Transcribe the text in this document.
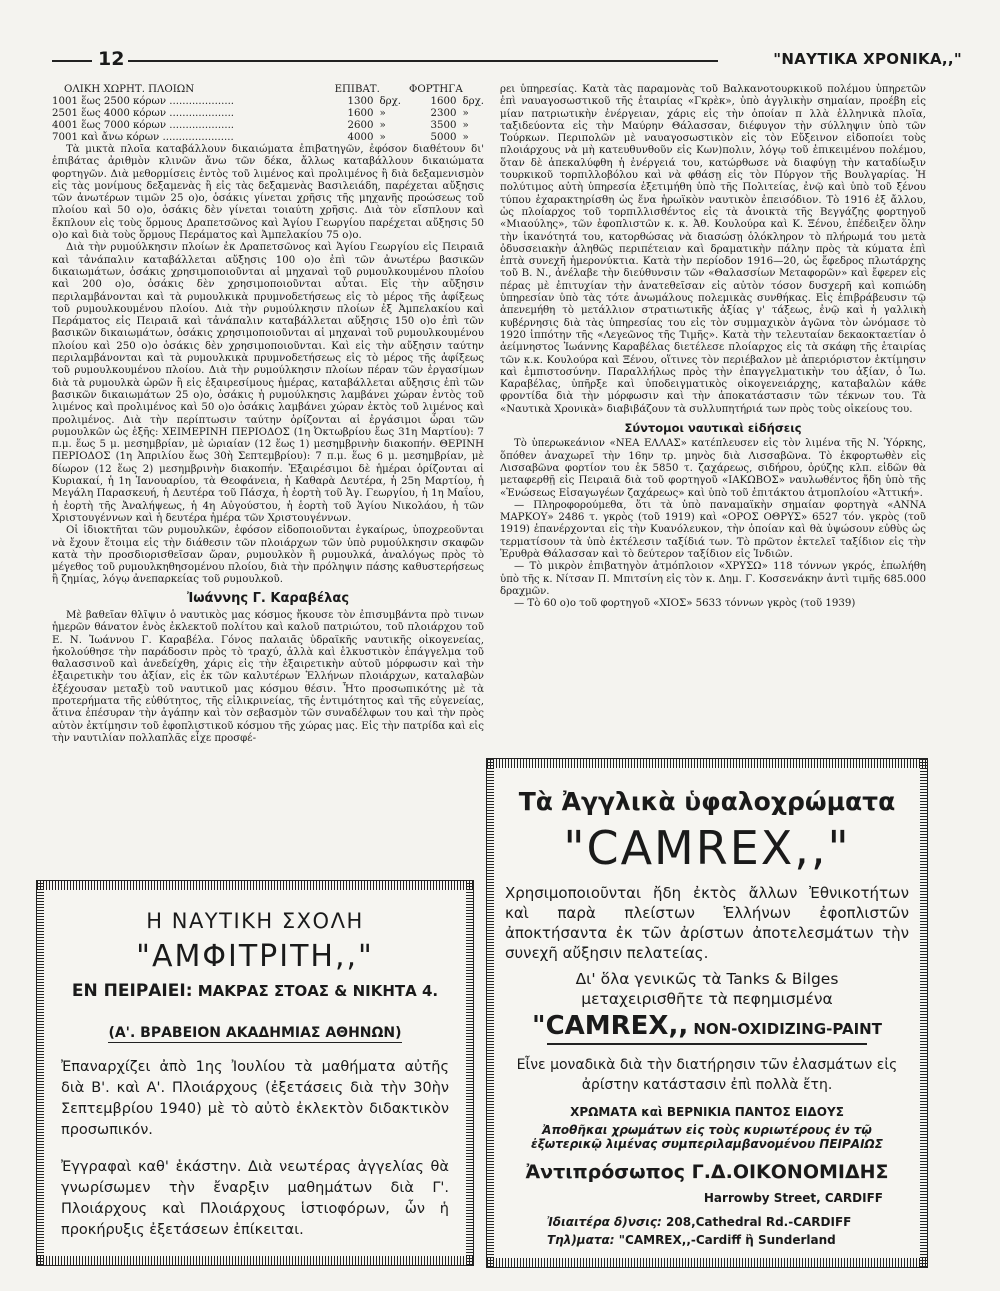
12	"ΝΑΥΤΙΚΑ ΧΡΟΝΙΚΑ,,"
ΟΛΙΚΗ ΧΩΡΗΤ. ΠΛΟΙΩΝ	ΕΠΙΒΑΤ.		ΦΟΡΤΗΓΑ	
1001 ἕως 2500 κόρων ....................	1300	δρχ.	1600	δρχ.
2501 ἕως 4000 κόρων ....................	1600	»	2300	»
4001 ἕως 7000 κόρων ....................	2600	»	3500	»
7001 καὶ ἄνω κόρων ......................	4000	»	5000	»

Τὰ μικτὰ πλοῖα καταβάλλουν δικαιώματα ἐπιβατηγῶν, ἐφόσον διαθέτουν δι' ἐπιβάτας ἀριθμὸν κλινῶν ἄνω τῶν δέκα, ἄλλως καταβάλλουν δικαιώματα φορτηγῶν. Διὰ μεθορμίσεις ἐντὸς τοῦ λιμένος καὶ προλιμένος ἢ διὰ δεξαμενισμὸν εἰς τὰς μονίμους δεξαμενὰς ἢ εἰς τὰς δεξαμενὰς Βασιλειάδη, παρέχεται αὔξησις τῶν ἀνωτέρων τιμῶν 25 ο)ο, ὁσάκις γίνεται χρῆσις τῆς μηχανῆς προώσεως τοῦ πλοίου καὶ 50 ο)ο, ὁσάκις δὲν γίνεται τοιαύτη χρῆσις. Διὰ τὸν εἴσπλουν καὶ ἔκπλουν εἰς τοὺς ὅρμους Δραπετσῶνος καὶ Ἁγίου Γεωργίου παρέχεται αὔξησις 50 ο)ο καὶ διὰ τοὺς ὅρμους Περάματος καὶ Ἀμπελακίου 75 ο)ο.

Διὰ τὴν ρυμούλκησιν πλοίων ἐκ Δραπετσῶνος καὶ Ἁγίου Γεωργίου εἰς Πειραιᾶ καὶ τἀνάπαλιν καταβάλλεται αὔξησις 100 ο)ο ἐπὶ τῶν ἀνωτέρω βασικῶν δικαιωμάτων, ὁσάκις χρησιμοποιοῦνται αἱ μηχαναὶ τοῦ ρυμουλκουμένου πλοίου καὶ 200 ο)ο, ὁσάκις δὲν χρησιμοποιοῦνται αὗται. Εἰς τὴν αὔξησιν περιλαμβάνονται καὶ τὰ ρυμουλκικὰ πρυμνοδετήσεως εἰς τὸ μέρος τῆς ἀφίξεως τοῦ ρυμουλκουμένου πλοίου. Διὰ τὴν ρυμούλκησιν πλοίων ἐξ Ἀμπελακίου καὶ Περάματος εἰς Πειραιᾶ καὶ τἀνάπαλιν καταβάλλεται αὔξησις 150 ο)ο ἐπὶ τῶν βασικῶν δικαιωμάτων, ὁσάκις χρησιμοποιοῦνται αἱ μηχαναὶ τοῦ ρυμουλκουμένου πλοίου καὶ 250 ο)ο ὁσάκις δὲν χρησιμοποιοῦνται. Καὶ εἰς τὴν αὔξησιν ταύτην περιλαμβάνονται καὶ τὰ ρυμουλκικὰ πρυμνοδετήσεως εἰς τὸ μέρος τῆς ἀφίξεως τοῦ ρυμουλκουμένου πλοίου. Διὰ τὴν ρυμούλκησιν πλοίων πέραν τῶν ἐργασίμων διὰ τὰ ρυμουλκὰ ὡρῶν ἢ εἰς ἐξαιρεσίμους ἡμέρας, καταβάλλεται αὔξησις ἐπὶ τῶν βασικῶν δικαιωμάτων 25 ο)ο, ὁσάκις ἡ ρυμούλκησις λαμβάνει χώραν ἐντὸς τοῦ λιμένος καὶ προλιμένος καὶ 50 ο)ο ὁσάκις λαμβάνει χώραν ἐκτὸς τοῦ λιμένος καὶ προλιμένος. Διὰ τὴν περίπτωσιν ταύτην ὁρίζονται αἱ ἐργάσιμοι ὧραι τῶν ρυμουλκῶν ὡς ἑξῆς: ΧΕΙΜΕΡΙΝΗ ΠΕΡΙΟΔΟΣ (1η Ὀκτωβρίου ἕως 31η Μαρτίου): 7 π.μ. ἕως 5 μ. μεσημβρίαν, μὲ ὡριαίαν (12 ἕως 1) μεσημβρινὴν διακοπήν. ΘΕΡΙΝΗ ΠΕΡΙΟΔΟΣ (1η Ἀπριλίου ἕως 30ὴ Σεπτεμβρίου): 7 π.μ. ἕως 6 μ. μεσημβρίαν, μὲ δίωρον (12 ἕως 2) μεσημβρινὴν διακοπήν. Ἐξαιρέσιμοι δὲ ἡμέραι ὁρίζονται αἱ Κυριακαί, ἡ 1η Ἰανουαρίου, τὰ Θεοφάνεια, ἡ Καθαρὰ Δευτέρα, ἡ 25η Μαρτίου, ἡ Μεγάλη Παρασκευή, ἡ Δευτέρα τοῦ Πάσχα, ἡ ἑορτὴ τοῦ Ἁγ. Γεωργίου, ἡ 1η Μαΐου, ἡ ἑορτὴ τῆς Ἀναλήψεως, ἡ 4η Αὐγούστου, ἡ ἑορτὴ τοῦ Ἁγίου Νικολάου, ἡ τῶν Χριστουγέννων καὶ ἡ δευτέρα ἡμέρα τῶν Χριστουγέννων.

Οἱ ἰδιοκτῆται τῶν ρυμουλκῶν, ἐφόσον εἰδοποιοῦνται ἐγκαίρως, ὑποχρεοῦνται νὰ ἔχουν ἕτοιμα εἰς τὴν διάθεσιν τῶν πλοιάρχων τῶν ὑπὸ ρυμούλκησιν σκαφῶν κατὰ τὴν προσδιορισθεῖσαν ὥραν, ρυμουλκὸν ἢ ρυμουλκά, ἀναλόγως πρὸς τὸ μέγεθος τοῦ ρυμουλκηθησομένου πλοίου, διὰ τὴν πρόληψιν πάσης καθυστερήσεως ἢ ζημίας, λόγῳ ἀνεπαρκείας τοῦ ρυμουλκοῦ.

Ἰωάννης Γ. Καραβέλας

Μὲ βαθεῖαν θλῖψιν ὁ ναυτικὸς μας κόσμος ἤκουσε τὸν ἐπισυμβάντα πρὸ τινων ἡμερῶν θάνατον ἑνὸς ἐκλεκτοῦ πολίτου καὶ καλοῦ πατριώτου, τοῦ πλοιάρχου τοῦ Ε. Ν. Ἰωάννου Γ. Καραβέλα. Γόνος παλαιᾶς ὑδραϊκῆς ναυτικῆς οἰκογενείας, ἠκολούθησε τὴν παράδοσιν πρὸς τὸ τραχύ, ἀλλὰ καὶ ἑλκυστικὸν ἐπάγγελμα τοῦ θαλασσινοῦ καὶ ἀνεδείχθη, χάρις εἰς τὴν ἐξαιρετικὴν αὐτοῦ μόρφωσιν καὶ τὴν ἐξαιρετικὴν του ἀξίαν, εἰς ἐκ τῶν καλυτέρων Ἑλλήνων πλοιάρχων, καταλαβὼν ἐξέχουσαν μεταξὺ τοῦ ναυτικοῦ μας κόσμου θέσιν. Ἦτο προσωπικότης μὲ τὰ προτερήματα τῆς εὐθύτητος, τῆς εἰλικρινείας, τῆς ἐντιμότητος καὶ τῆς εὐγενείας, ἅτινα ἐπέσυραν τὴν ἀγάπην καὶ τὸν σεβασμὸν τῶν συναδέλφων του καὶ τὴν πρὸς αὐτὸν ἐκτίμησιν τοῦ ἐφοπλιστικοῦ κόσμου τῆς χώρας μας. Εἰς τὴν πατρίδα καὶ εἰς τὴν ναυτιλίαν πολλαπλᾶς εἶχε προσφέ-

ρει ὑπηρεσίας. Κατὰ τὰς παραμονὰς τοῦ Βαλκανοτουρκικοῦ πολέμου ὑπηρετῶν ἐπὶ ναυαγοσωστικοῦ τῆς ἑταιρίας «Γκρὲκ», ὑπὸ ἀγγλικὴν σημαίαν, προέβη εἰς μίαν πατριωτικὴν ἐνέργειαν, χάρις εἰς τὴν ὁποίαν π λλὰ ἑλληνικὰ πλοῖα, ταξιδεύοντα εἰς τὴν Μαύρην Θάλασσαν, διέφυγον τὴν σύλληψιν ὑπὸ τῶν Τούρκων. Περιπολῶν μὲ ναυαγοσωστικὸν εἰς τὸν Εὔξεινον εἰδοποίει τοὺς πλοιάρχους νὰ μὴ κατευθυνθοῦν εἰς Κων)πολιν, λόγῳ τοῦ ἐπικειμένου πολέμου, ὅταν δὲ ἀπεκαλύφθη ἡ ἐνέργειά του, κατώρθωσε νὰ διαφύγῃ τὴν καταδίωξιν τουρκικοῦ τορπιλλοβόλου καὶ νὰ φθάσῃ εἰς τὸν Πύργον τῆς Βουλγαρίας. Ἡ πολύτιμος αὐτὴ ὑπηρεσία ἐξετιμήθη ὑπὸ τῆς Πολιτείας, ἐνῷ καὶ ὑπὸ τοῦ ξένου τύπου ἐχαρακτηρίσθη ὡς ἕνα ἡρωϊκὸν ναυτικὸν ἐπεισόδιον. Τὸ 1916 ἐξ ἄλλου, ὡς πλοίαρχος τοῦ τορπιλλισθέντος εἰς τὰ ἀνοικτὰ τῆς Βεγγάζης φορτηγοῦ «Μιαούλης», τῶν ἐφοπλιστῶν κ. κ. Ἀθ. Κουλούρα καὶ Κ. Ξένου, ἐπέδειξεν ὅλην τὴν ἱκανότητά του, κατορθώσας νὰ διασώσῃ ὁλόκληρον τὸ πλήρωμά του μετὰ ὀδυσσειακὴν ἀληθῶς περιπέτειαν καὶ δραματικὴν πάλην πρὸς τὰ κύματα ἐπὶ ἑπτὰ συνεχῆ ἡμερονύκτια. Κατὰ τὴν περίοδον 1916—20, ὡς ἔφεδρος πλωτάρχης τοῦ Β. Ν., ἀνέλαβε τὴν διεύθυνσιν τῶν «Θαλασσίων Μεταφορῶν» καὶ ἔφερεν εἰς πέρας μὲ ἐπιτυχίαν τὴν ἀνατεθεῖσαν εἰς αὐτὸν τόσον δυσχερῆ καὶ κοπιώδη ὑπηρεσίαν ὑπὸ τὰς τότε ἀνωμάλους πολεμικὰς συνθήκας. Εἰς ἐπιβράβευσιν τῷ ἀπενεμήθη τὸ μετάλλιον στρατιωτικῆς ἀξίας γ' τάξεως, ἐνῷ καὶ ἡ γαλλικὴ κυβέρνησις διὰ τὰς ὑπηρεσίας του εἰς τὸν συμμαχικὸν ἀγῶνα τὸν ὠνόμασε τὸ 1920 ἱππότην τῆς «Λεγεῶνος τῆς Τιμῆς». Κατὰ τὴν τελευταίαν δεκαοκταετίαν ὁ ἀείμνηστος Ἰωάννης Καραβέλας διετέλεσε πλοίαρχος εἰς τὰ σκάφη τῆς ἑταιρίας τῶν κ.κ. Κουλούρα καὶ Ξένου, οἵτινες τὸν περιέβαλον μὲ ἀπεριόριστον ἐκτίμησιν καὶ ἐμπιστοσύνην. Παραλλήλως πρὸς τὴν ἐπαγγελματικὴν του ἀξίαν, ὁ Ἰω. Καραβέλας, ὑπῆρξε καὶ ὑποδειγματικὸς οἰκογενειάρχης, καταβαλὼν κάθε φροντίδα διὰ τὴν μόρφωσιν καὶ τὴν ἀποκατάστασιν τῶν τέκνων του. Τὰ «Ναυτικὰ Χρονικὰ» διαβιβάζουν τὰ συλλυπητήριά των πρὸς τοὺς οἰκείους του.

Σύντομοι ναυτικαὶ εἰδήσεις

Τὸ ὑπερωκεάνιον «ΝΕΑ ΕΛΛΑΣ» κατέπλευσεν εἰς τὸν λιμένα τῆς Ν. Ὑόρκης, ὅπόθεν ἀναχωρεῖ τὴν 16ην τρ. μηνὸς διὰ Λισσαβῶνα. Τὸ ἐκφορτωθὲν εἰς Λισσαβῶνα φορτίον του ἐκ 5850 τ. ζαχάρεως, σιδήρου, ὀρύζης κλπ. εἰδῶν θὰ μεταφερθῇ εἰς Πειραιᾶ διὰ τοῦ φορτηγοῦ «ΙΑΚΩΒΟΣ» ναυλωθέντος ἤδη ὑπὸ τῆς «Ἑνώσεως Εἰσαγωγέων ζαχάρεως» καὶ ὑπὸ τοῦ ἐπιτάκτου ἀτμοπλοίου «Ἀττική».

— Πληροφορούμεθα, ὅτι τὰ ὑπὸ παναμαϊκὴν σημαίαν φορτηγὰ «ΑΝΝΑ ΜΑΡΚΟΥ» 2486 τ. γκρὸς (τοῦ 1919) καὶ «ΟΡΟΣ ΟΘΡΥΣ» 6527 τόν. γκρὸς (τοῦ 1919) ἐπανέρχονται εἰς τὴν Κυανόλευκον, τὴν ὁποίαν καὶ θὰ ὑψώσουν εὐθὺς ὡς τερματίσουν τὰ ὑπὸ ἐκτέλεσιν ταξίδιά των. Τὸ πρῶτον ἐκτελεῖ ταξίδιον εἰς τὴν Ἐρυθρὰ Θάλασσαν καὶ τὸ δεύτερον ταξίδιον εἰς Ἰνδιῶν.

— Τὸ μικρὸν ἐπιβατηγὸν ἀτμόπλοιον «ΧΡΥΣΩ» 118 τόννων γκρός, ἐπωλήθη ὑπὸ τῆς κ. Νίτσαν Π. Μπιτσίνη εἰς τὸν κ. Δημ. Γ. Κοσσενάκην ἀντὶ τιμῆς 685.000 δραχμῶν.

— Τὸ 60 ο)ο τοῦ φορτηγοῦ «ΧΙΟΣ» 5633 τόννων γκρὸς (τοῦ 1939)

Η ΝΑΥΤΙΚΗ ΣΧΟΛΗ
"ΑΜΦΙΤΡΙΤΗ,,"
ΕΝ ΠΕΙΡΑΙΕΙ: ΜΑΚΡΑΣ ΣΤΟΑΣ & ΝΙΚΗΤΑ 4.
(Α'. ΒΡΑΒΕΙΟΝ ΑΚΑΔΗΜΙΑΣ ΑΘΗΝΩΝ)
Ἐπαναρχίζει ἀπὸ 1ης Ἰουλίου τὰ μαθήματα αὐτῆς διὰ Β'. καὶ Α'. Πλοιάρχους (ἐξετάσεις διὰ τὴν 30ὴν Σεπτεμβρίου 1940) μὲ τὸ αὐτὸ ἐκλεκτὸν διδακτικὸν προσωπικόν.
Ἐγγραφαὶ καθ' ἑκάστην. Διὰ νεωτέρας ἀγγελίας θὰ γνωρίσωμεν τὴν ἔναρξιν μαθημάτων διὰ Γ'. Πλοιάρχους καὶ Πλοιάρχους ἱστιοφόρων, ὧν ἡ προκήρυξις ἐξετάσεων ἐπίκειται.
Τὰ Ἀγγλικὰ ὑφαλοχρώματα
"CAMREX,,"
Χρησιμοποιοῦνται ἤδη ἐκτὸς ἄλλων Ἐθνικοτήτων καὶ παρὰ πλείστων Ἑλλήνων ἐφοπλιστῶν ἀποκτήσαντα ἐκ τῶν ἀρίστων ἀποτελεσμάτων τὴν συνεχῆ αὔξησιν πελατείας.
Δι' ὅλα γενικῶς τὰ Tanks & Bilges μεταχειρισθῆτε τὰ πεφημισμένα
"CAMREX,, NON-OXIDIZING-PAINT
Εἶνε μοναδικὰ διὰ τὴν διατήρησιν τῶν ἐλασμάτων εἰς ἀρίστην κατάστασιν ἐπὶ πολλὰ ἔτη.
ΧΡΩΜΑΤΑ καὶ ΒΕΡΝΙΚΙΑ ΠΑΝΤΟΣ ΕΙΔΟΥΣ
Ἀποθῆκαι χρωμάτων εἰς τοὺς κυριωτέρους ἐν τῷ
ἐξωτερικῷ λιμένας συμπεριλαμβανομένου ΠΕΙΡΑΙΩΣ
Ἀντιπρόσωπος Γ.Δ.ΟΙΚΟΝΟΜΙΔΗΣ
Harrowby Street, CARDIFF
Ἰδιαιτέρα δ)νσις: 208,Cathedral Rd.-CARDIFF
Τηλ)ματα: "CAMREX,,-Cardiff ἢ Sunderland
